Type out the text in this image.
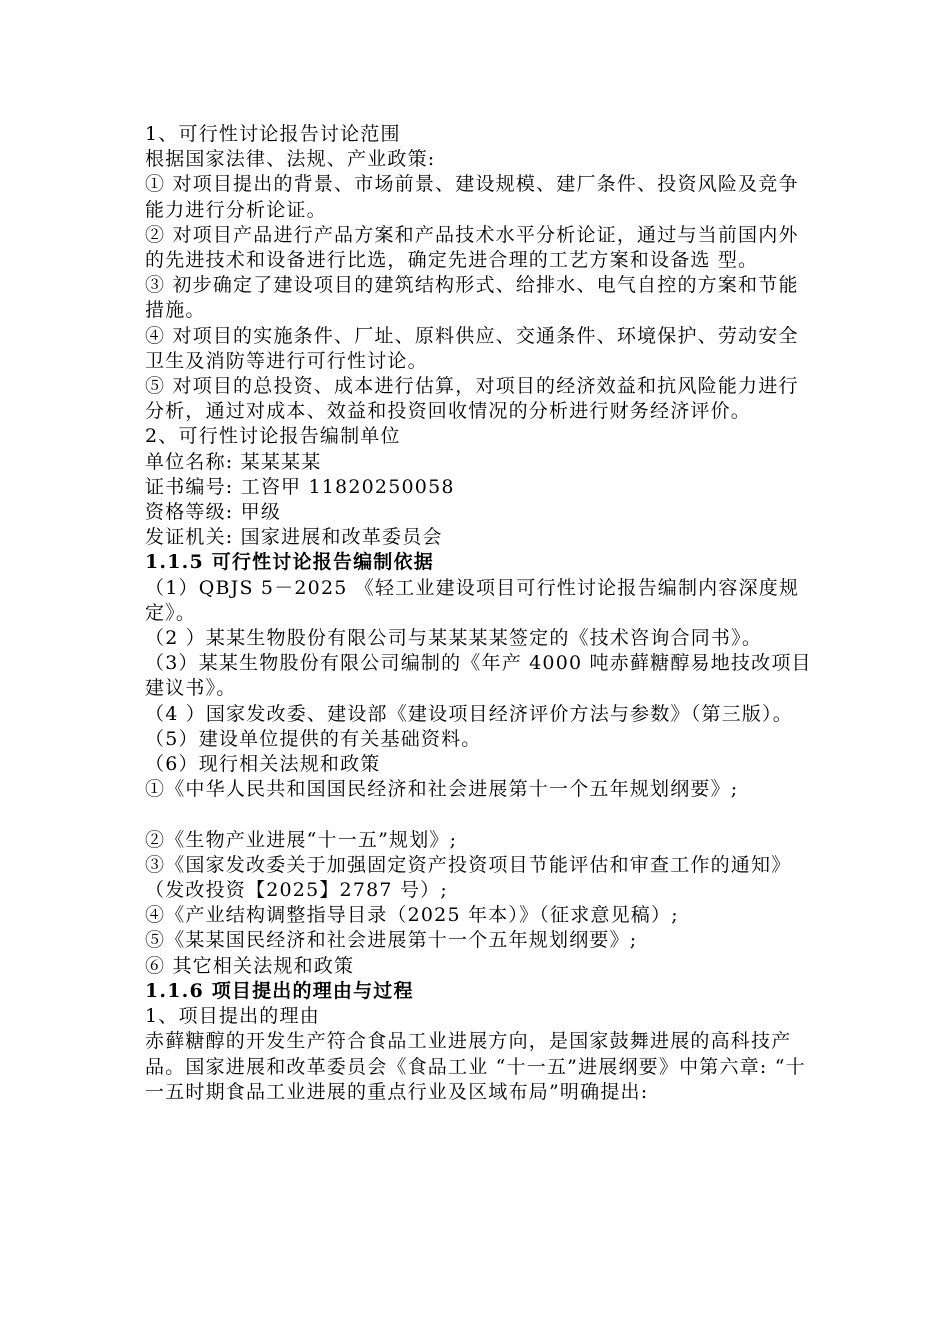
1、可行性讨论报告讨论范围

根据国家法律、法规、产业政策:

① 对项目提出的背景、市场前景、建设规模、建厂条件、投资风险及竞争能力进行分析论证。

② 对项目产品进行产品方案和产品技术水平分析论证，通过与当前国内外的先进技术和设备进行比选，确定先进合理的工艺方案和设备选 型。

③ 初步确定了建设项目的建筑结构形式、给排水、电气自控的方案和节能措施。

④ 对项目的实施条件、厂址、原料供应、交通条件、环境保护、劳动安全卫生及消防等进行可行性讨论。

⑤ 对项目的总投资、成本进行估算，对项目的经济效益和抗风险能力进行分析，通过对成本、效益和投资回收情况的分析进行财务经济评价。

2、可行性讨论报告编制单位

单位名称: 某某某某

证书编号: 工咨甲 11820250058

资格等级: 甲级

发证机关: 国家进展和改革委员会

1.1.5 可行性讨论报告编制依据

（1）QBJS 5－2025 《轻工业建设项目可行性讨论报告编制内容深度规定》。

（2 ）某某生物股份有限公司与某某某某签定的《技术咨询合同书》。

（3）某某生物股份有限公司编制的《年产 4000 吨赤藓糖醇易地技改项目建议书》。

（4 ）国家发改委、建设部《建设项目经济评价方法与参数》（第三版）。

（5）建设单位提供的有关基础资料。

（6）现行相关法规和政策

①《中华人民共和国国民经济和社会进展第十一个五年规划纲要》;

②《生物产业进展“十一五”规划》;

③《国家发改委关于加强固定资产投资项目节能评估和审查工作的通知》（发改投资【2025】2787 号）;

④《产业结构调整指导目录（2025 年本）》（征求意见稿）;

⑤《某某国民经济和社会进展第十一个五年规划纲要》;

⑥ 其它相关法规和政策

1.1.6 项目提出的理由与过程

1、项目提出的理由

赤藓糖醇的开发生产符合食品工业进展方向，是国家鼓舞进展的高科技产品。国家进展和改革委员会《食品工业 “十一五”进展纲要》中第六章: “十一五时期食品工业进展的重点行业及区域布局”明确提出:
